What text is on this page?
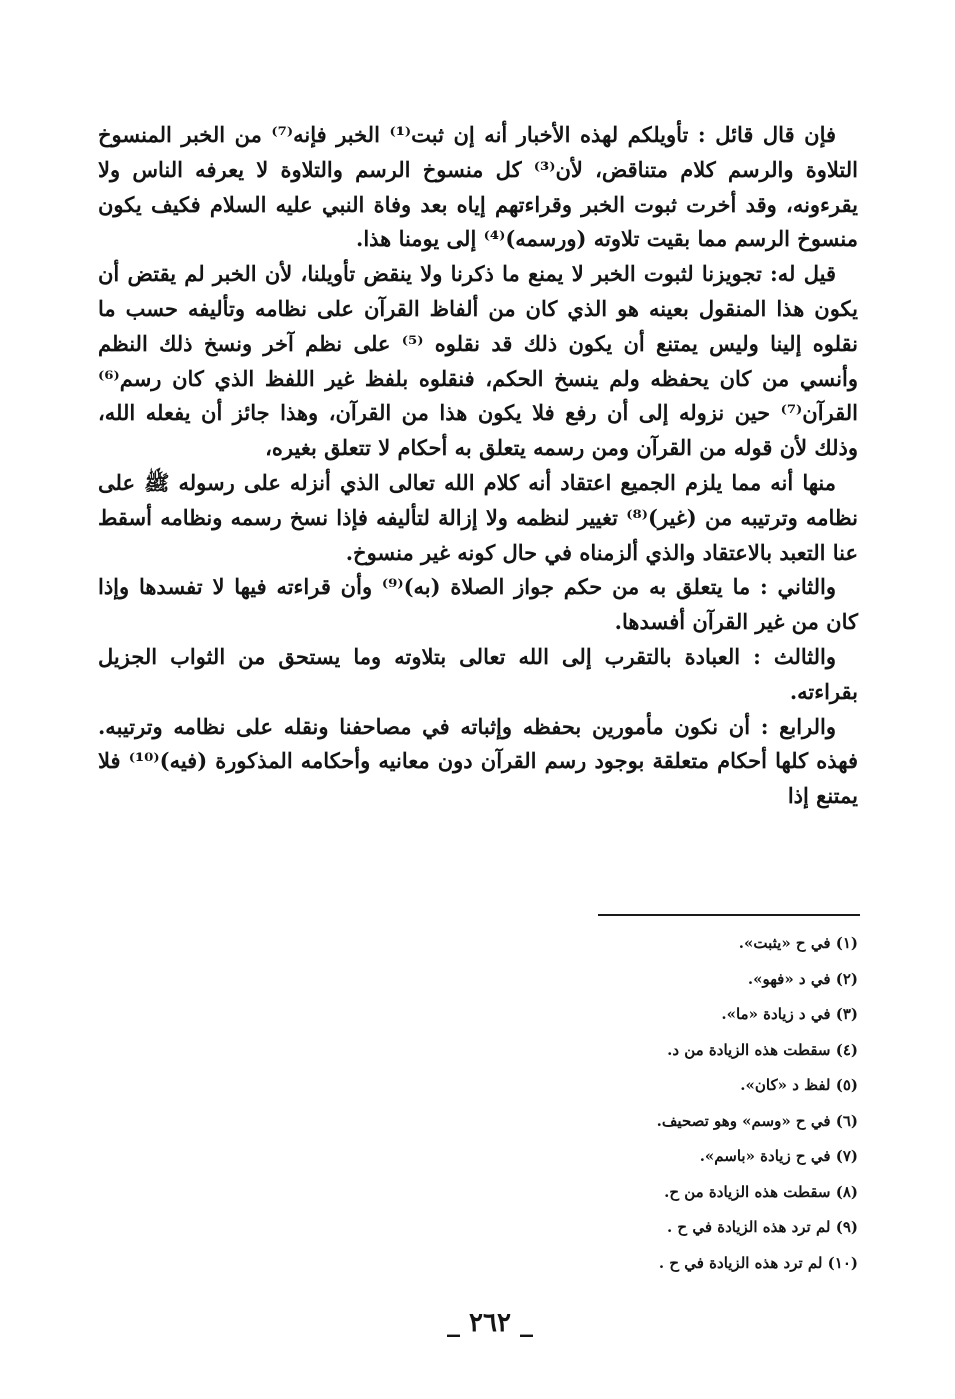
فإن قال قائل : تأويلكم لهذه الأخبار أنه إن ثبت⁽¹⁾ الخبر فإنه⁽⁷⁾ من الخبر المنسوخ التلاوة والرسم كلام متناقض، لأن⁽³⁾ كل منسوخ الرسم والتلاوة لا يعرفه الناس ولا يقرءونه، وقد أخرت ثبوت الخبر وقراءتهم إياه بعد وفاة النبي عليه السلام فكيف يكون منسوخ الرسم مما بقيت تلاوته (ورسمه)⁽⁴⁾ إلى يومنا هذا.

قيل له: تجويزنا لثبوت الخبر لا يمنع ما ذكرنا ولا ينقض تأويلنا، لأن الخبر لم يقتض أن يكون هذا المنقول بعينه هو الذي كان من ألفاظ القرآن على نظامه وتأليفه حسب ما نقلوه إلينا وليس يمتنع أن يكون ذلك قد نقلوه ⁽⁵⁾ على نظم آخر ونسخ ذلك النظم وأنسي من كان يحفظه ولم ينسخ الحكم، فنقلوه بلفظ غير اللفظ الذي كان رسم⁽⁶⁾ القرآن⁽⁷⁾ حين نزوله إلى أن رفع فلا يكون هذا من القرآن، وهذا جائز أن يفعله الله، وذلك لأن قوله من القرآن ومن رسمه يتعلق به أحكام لا تتعلق بغيره،

منها أنه مما يلزم الجميع اعتقاد أنه كلام الله تعالى الذي أنزله على رسوله ﷺ على نظامه وترتيبه من (غير)⁽⁸⁾ تغيير لنظمه ولا إزالة لتأليفه فإذا نسخ رسمه ونظامه أسقط عنا التعبد بالاعتقاد والذي ألزمناه في حال كونه غير منسوخ.

والثاني : ما يتعلق به من حكم جواز الصلاة (به)⁽⁹⁾ وأن قراءته فيها لا تفسدها وإذا كان من غير القرآن أفسدها.

والثالث : العبادة بالتقرب إلى الله تعالى بتلاوته وما يستحق من الثواب الجزيل بقراءته.

والرابع : أن نكون مأمورين بحفظه وإثباته في مصاحفنا ونقله على نظامه وترتيبه. فهذه كلها أحكام متعلقة بوجود رسم القرآن دون معانيه وأحكامه المذكورة (فيه)⁽¹⁰⁾ فلا يمتنع إذا

(١) في ح «يثبت».
(٢) في د «فهو».
(٣) في د زيادة «ما».
(٤) سقطت هذه الزيادة من د.
(٥) لفظ د «كان».
(٦) في ح «وسم» وهو تصحيف.
(٧) في ح زيادة «باسم».
(٨) سقطت هذه الزيادة من ح.
(٩) لم ترد هذه الزيادة في ح .
(١٠) لم ترد هذه الزيادة في ح .
_ ٢٦٢ _
